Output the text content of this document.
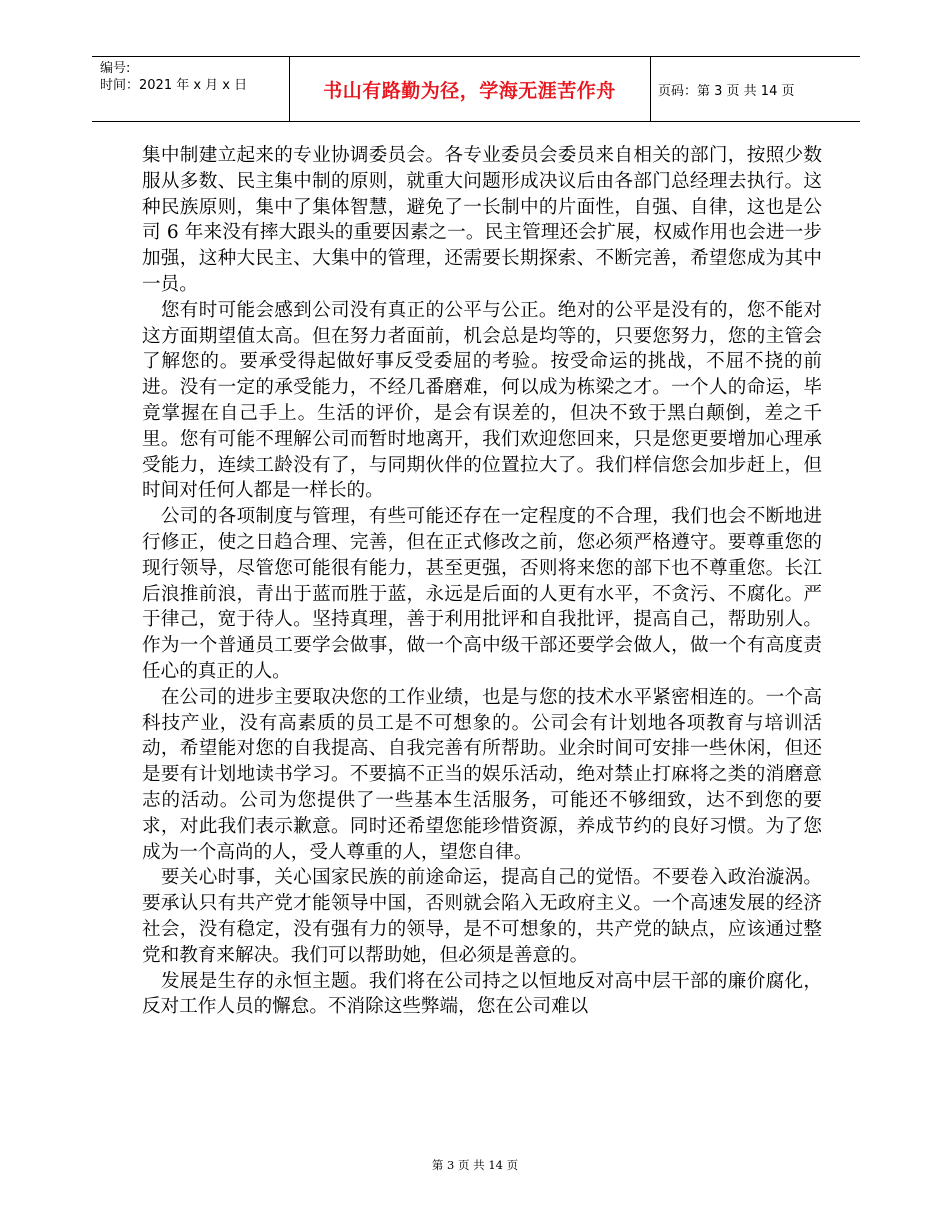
编号:
时间：2021 年 x 月 x 日	书山有路勤为径，学海无涯苦作舟	页码：第 3 页 共 14 页

集中制建立起来的专业协调委员会。各专业委员会委员来自相关的部门，按照少数服从多数、民主集中制的原则，就重大问题形成决议后由各部门总经理去执行。这种民族原则，集中了集体智慧，避免了一长制中的片面性，自强、自律，这也是公司 6 年来没有摔大跟头的重要因素之一。民主管理还会扩展，权威作用也会进一步加强，这种大民主、大集中的管理，还需要长期探索、不断完善，希望您成为其中一员。

　您有时可能会感到公司没有真正的公平与公正。绝对的公平是没有的，您不能对这方面期望值太高。但在努力者面前，机会总是均等的，只要您努力，您的主管会了解您的。要承受得起做好事反受委屈的考验。按受命运的挑战，不屈不挠的前进。没有一定的承受能力，不经几番磨难，何以成为栋梁之才。一个人的命运，毕竟掌握在自己手上。生活的评价，是会有误差的，但决不致于黑白颠倒，差之千里。您有可能不理解公司而暂时地离开，我们欢迎您回来，只是您更要增加心理承受能力，连续工龄没有了，与同期伙伴的位置拉大了。我们样信您会加步赶上，但时间对任何人都是一样长的。

　公司的各项制度与管理，有些可能还存在一定程度的不合理，我们也会不断地进行修正，使之日趋合理、完善，但在正式修改之前，您必须严格遵守。要尊重您的现行领导，尽管您可能很有能力，甚至更强，否则将来您的部下也不尊重您。长江后浪推前浪，青出于蓝而胜于蓝，永远是后面的人更有水平，不贪污、不腐化。严于律己，宽于待人。坚持真理，善于利用批评和自我批评，提高自己，帮助别人。作为一个普通员工要学会做事，做一个高中级干部还要学会做人，做一个有高度责任心的真正的人。

　在公司的进步主要取决您的工作业绩，也是与您的技术水平紧密相连的。一个高科技产业，没有高素质的员工是不可想象的。公司会有计划地各项教育与培训活动，希望能对您的自我提高、自我完善有所帮助。业余时间可安排一些休闲，但还是要有计划地读书学习。不要搞不正当的娱乐活动，绝对禁止打麻将之类的消磨意志的活动。公司为您提供了一些基本生活服务，可能还不够细致，达不到您的要求，对此我们表示歉意。同时还希望您能珍惜资源，养成节约的良好习惯。为了您成为一个高尚的人，受人尊重的人，望您自律。

　要关心时事，关心国家民族的前途命运，提高自己的觉悟。不要卷入政治漩涡。要承认只有共产党才能领导中国，否则就会陷入无政府主义。一个高速发展的经济社会，没有稳定，没有强有力的领导，是不可想象的，共产党的缺点，应该通过整党和教育来解决。我们可以帮助她，但必须是善意的。

　发展是生存的永恒主题。我们将在公司持之以恒地反对高中层干部的廉价腐化，反对工作人员的懈怠。不消除这些弊端，您在公司难以

第 3 页 共 14 页
